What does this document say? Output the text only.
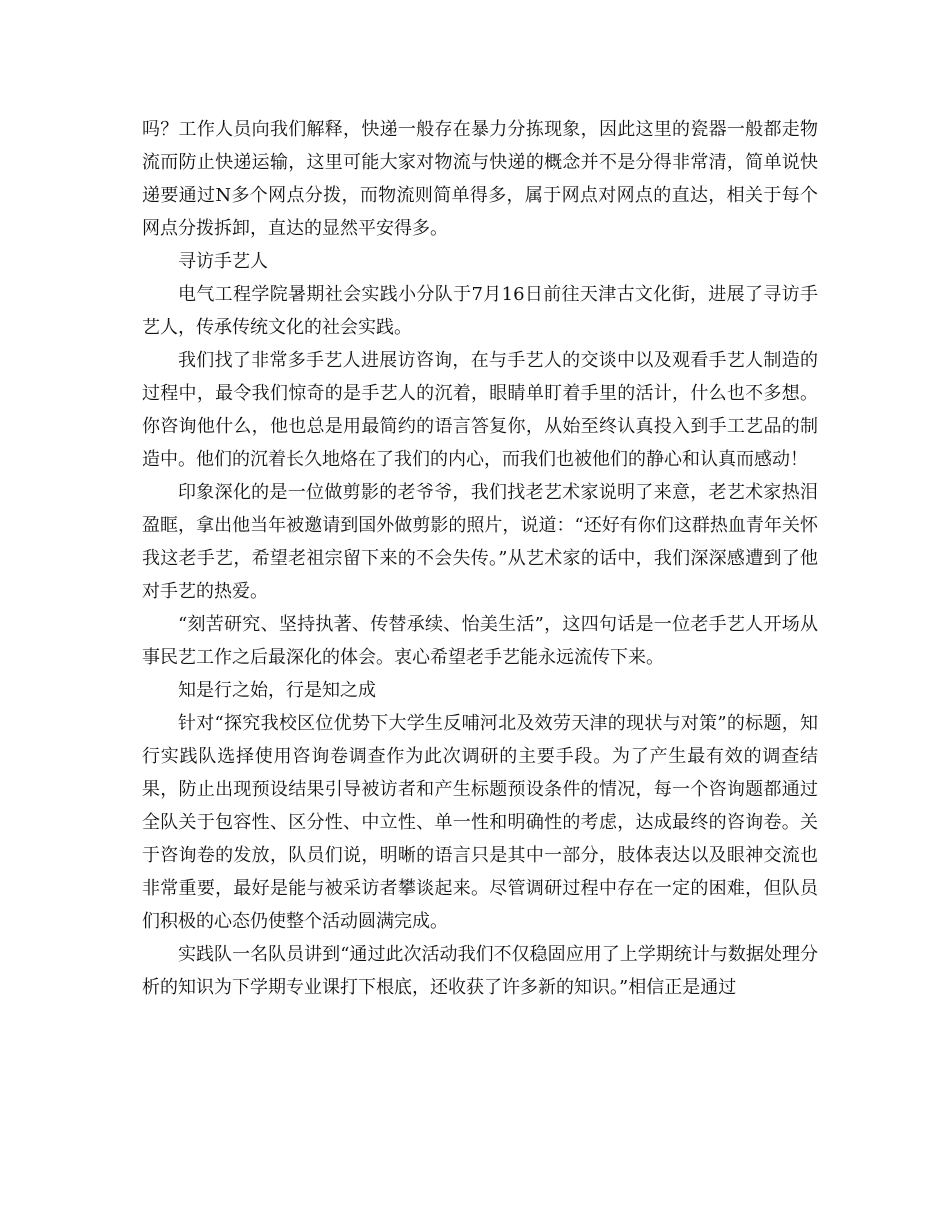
吗？工作人员向我们解释，快递一般存在暴力分拣现象，因此这里的瓷器一般都走物流而防止快递运输，这里可能大家对物流与快递的概念并不是分得非常清，简单说快递要通过N多个网点分拨，而物流则简单得多，属于网点对网点的直达，相关于每个网点分拨拆卸，直达的显然平安得多。

寻访手艺人

电气工程学院暑期社会实践小分队于7月16日前往天津古文化街，进展了寻访手艺人，传承传统文化的社会实践。

我们找了非常多手艺人进展访咨询，在与手艺人的交谈中以及观看手艺人制造的过程中，最令我们惊奇的是手艺人的沉着，眼睛单盯着手里的活计，什么也不多想。你咨询他什么，他也总是用最简约的语言答复你，从始至终认真投入到手工艺品的制造中。他们的沉着长久地烙在了我们的内心，而我们也被他们的静心和认真而感动！

印象深化的是一位做剪影的老爷爷，我们找老艺术家说明了来意，老艺术家热泪盈眶，拿出他当年被邀请到国外做剪影的照片，说道：“还好有你们这群热血青年关怀我这老手艺，希望老祖宗留下来的不会失传。”从艺术家的话中，我们深深感遭到了他对手艺的热爱。

“刻苦研究、坚持执著、传替承续、怡美生活”，这四句话是一位老手艺人开场从事民艺工作之后最深化的体会。衷心希望老手艺能永远流传下来。

知是行之始，行是知之成

针对“探究我校区位优势下大学生反哺河北及效劳天津的现状与对策”的标题，知行实践队选择使用咨询卷调查作为此次调研的主要手段。为了产生最有效的调查结果，防止出现预设结果引导被访者和产生标题预设条件的情况，每一个咨询题都通过全队关于包容性、区分性、中立性、单一性和明确性的考虑，达成最终的咨询卷。关于咨询卷的发放，队员们说，明晰的语言只是其中一部分，肢体表达以及眼神交流也非常重要，最好是能与被采访者攀谈起来。尽管调研过程中存在一定的困难，但队员们积极的心态仍使整个活动圆满完成。

实践队一名队员讲到“通过此次活动我们不仅稳固应用了上学期统计与数据处理分析的知识为下学期专业课打下根底，还收获了许多新的知识。”相信正是通过
